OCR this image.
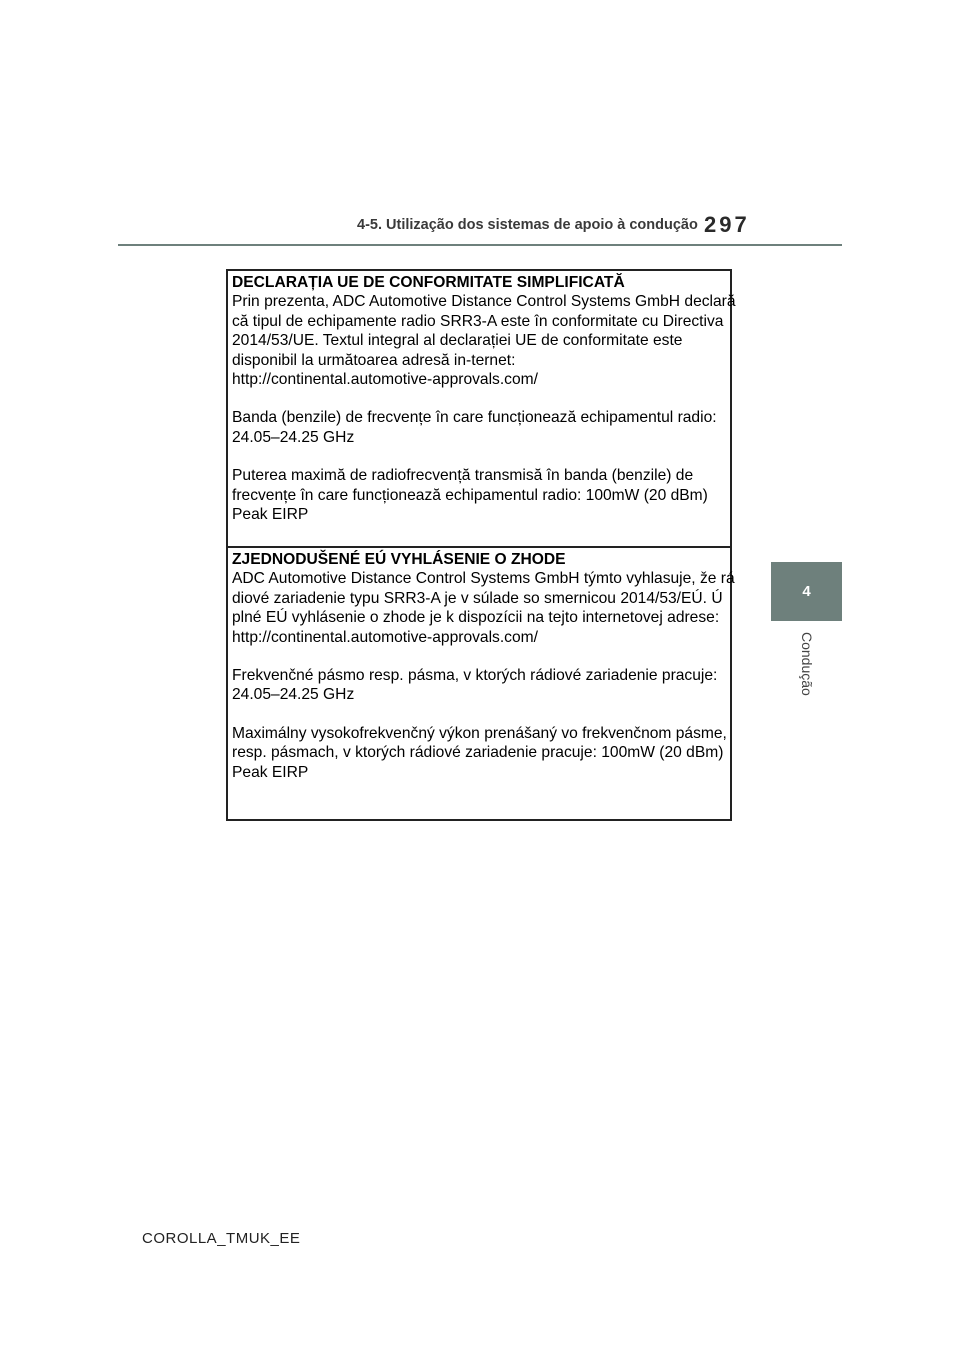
4-5. Utilização dos sistemas de apoio à condução 297
4
Condução
DECLARAȚIA UE DE CONFORMITATE SIMPLIFICATĂ

Prin prezenta, ADC Automotive Distance Control Systems GmbH declară
că tipul de echipamente radio SRR3-A este în conformitate cu Directiva
2014/53/UE. Textul integral al declarației UE de conformitate este
disponibil la următoarea adresă in-ternet:
http://continental.automotive-approvals.com/

Banda (benzile) de frecvențe în care funcționează echipamentul radio:
24.05–24.25 GHz

Puterea maximă de radiofrecvență transmisă în banda (benzile) de
frecvențe în care funcționează echipamentul radio: 100mW (20 dBm)
Peak EIRP

ZJEDNODUŠENÉ EÚ VYHLÁSENIE O ZHODE

ADC Automotive Distance Control Systems GmbH týmto vyhlasuje, že rá
diové zariadenie typu SRR3-A je v súlade so smernicou 2014/53/EÚ. Ú
plné EÚ vyhlásenie o zhode je k dispozícii na tejto internetovej adrese:
http://continental.automotive-approvals.com/

Frekvenčné pásmo resp. pásma, v ktorých rádiové zariadenie pracuje:
24.05–24.25 GHz

Maximálny vysokofrekvenčný výkon prenášaný vo frekvenčnom pásme,
resp. pásmach, v ktorých rádiové zariadenie pracuje: 100mW (20 dBm)
Peak EIRP

COROLLA_TMUK_EE
